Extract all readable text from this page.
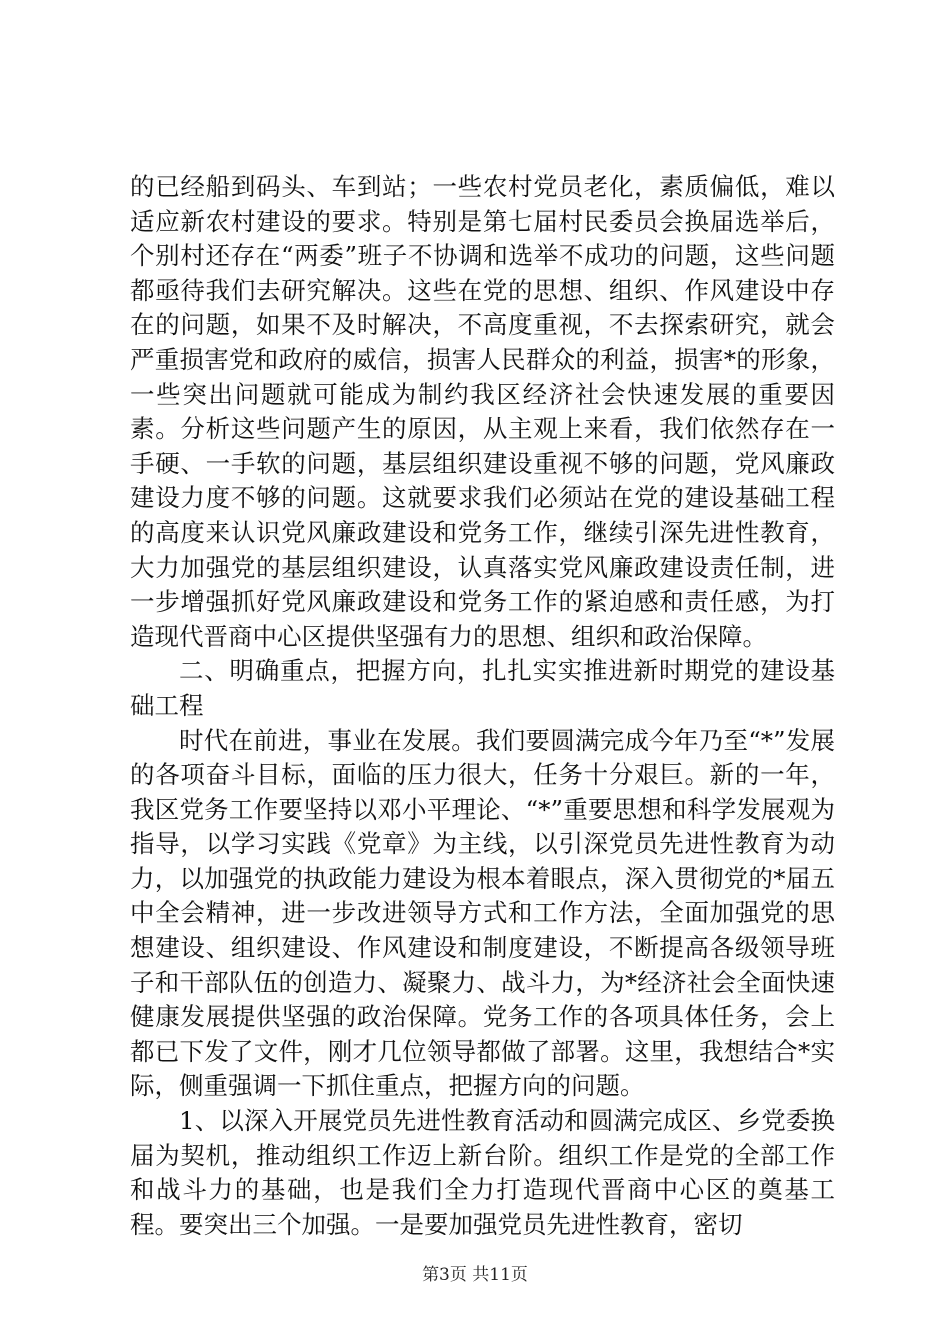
的已经船到码头、车到站；一些农村党员老化，素质偏低，难以适应新农村建设的要求。特别是第七届村民委员会换届选举后，个别村还存在“两委”班子不协调和选举不成功的问题，这些问题都亟待我们去研究解决。这些在党的思想、组织、作风建设中存在的问题，如果不及时解决，不高度重视，不去探索研究，就会严重损害党和政府的威信，损害人民群众的利益，损害*的形象，一些突出问题就可能成为制约我区经济社会快速发展的重要因素。分析这些问题产生的原因，从主观上来看，我们依然存在一手硬、一手软的问题，基层组织建设重视不够的问题，党风廉政建设力度不够的问题。这就要求我们必须站在党的建设基础工程的高度来认识党风廉政建设和党务工作，继续引深先进性教育，大力加强党的基层组织建设，认真落实党风廉政建设责任制，进一步增强抓好党风廉政建设和党务工作的紧迫感和责任感，为打造现代晋商中心区提供坚强有力的思想、组织和政治保障。

二、明确重点，把握方向，扎扎实实推进新时期党的建设基础工程

时代在前进，事业在发展。我们要圆满完成今年乃至“*”发展的各项奋斗目标，面临的压力很大，任务十分艰巨。新的一年，我区党务工作要坚持以邓小平理论、“*”重要思想和科学发展观为指导，以学习实践《党章》为主线，以引深党员先进性教育为动力，以加强党的执政能力建设为根本着眼点，深入贯彻党的*届五中全会精神，进一步改进领导方式和工作方法，全面加强党的思想建设、组织建设、作风建设和制度建设，不断提高各级领导班子和干部队伍的创造力、凝聚力、战斗力，为*经济社会全面快速健康发展提供坚强的政治保障。党务工作的各项具体任务，会上都已下发了文件，刚才几位领导都做了部署。这里，我想结合*实际，侧重强调一下抓住重点，把握方向的问题。

1、以深入开展党员先进性教育活动和圆满完成区、乡党委换届为契机，推动组织工作迈上新台阶。组织工作是党的全部工作和战斗力的基础，也是我们全力打造现代晋商中心区的奠基工程。要突出三个加强。一是要加强党员先进性教育，密切

第3页 共11页
